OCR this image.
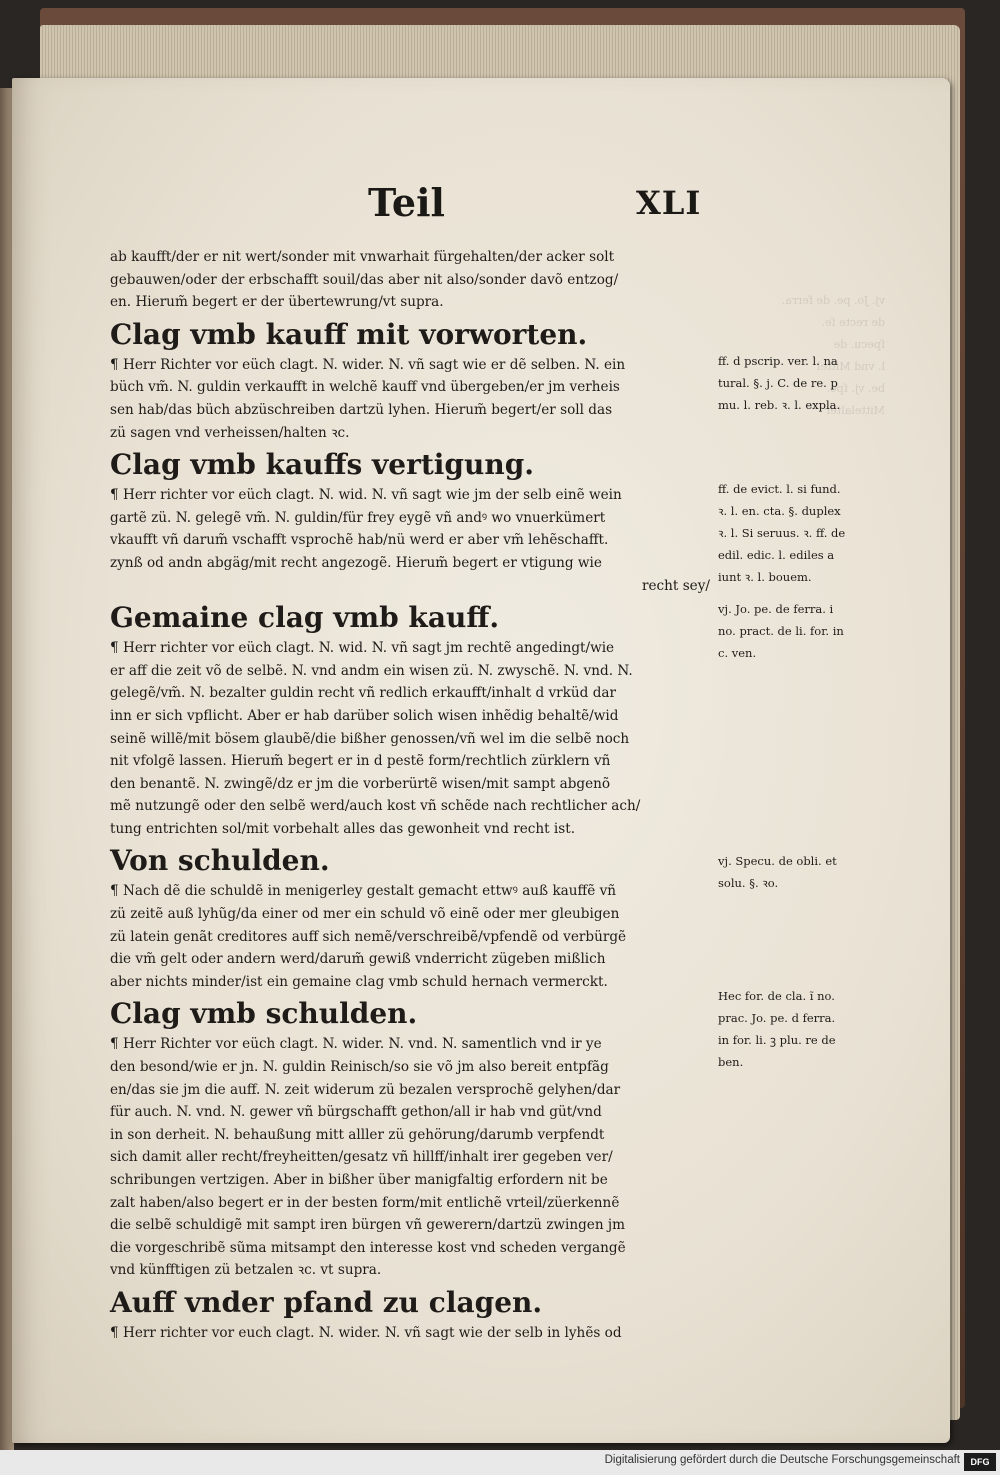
vj. Jo. pe. de ferra.
de recte ſe.
ſpecu. de
l. vnd Mittel
be. vj. ſpe.
Mittelalter
Teil	XLI
ab kaufft/der er nit wert/sonder mit vnwarhait fürgehalten/der acker solt
gebauwen/oder der erbschafft souil/das aber nit also/sonder davõ entzog/
en. Hierum̃ begert er der übertewrung/vt supra.
Clag vmb kauff mit vorworten.
¶ Herr Richter vor eüch clagt. N. wider. N. vñ sagt wie er dẽ selben. N. ein
büch vm̃. N. guldin verkaufft in welchẽ kauff vnd übergeben/er jm verheis
sen hab/das büch abzüschreiben dartzü lyhen. Hierum̃ begert/er soll das
zü sagen vnd verheissen/halten ꝛc.
Clag vmb kauffs vertigung.
¶ Herr richter vor eüch clagt. N. wid. N. vñ sagt wie jm der selb einẽ wein
gartẽ zü. N. gelegẽ vm̃. N. guldin/für frey eygẽ vñ andꝰ wo vnuerkümert
vkaufft vñ darum̃ vschafft vsprochẽ hab/nü werd er aber vm̃ lehẽschafft.
zynß od andn abgäg/mit recht angezogẽ. Hierum̃ begert er vtigung wie
recht sey/
Gemaine clag vmb kauff.
¶ Herr richter vor eüch clagt. N. wid. N. vñ sagt jm rechtẽ angedingt/wie
er aff die zeit võ de selbẽ. N. vnd andm ein wisen zü. N. zwyschẽ. N. vnd. N.
gelegẽ/vm̃. N. bezalter guldin recht vñ redlich erkaufft/inhalt d vrküd dar
inn er sich vpflicht. Aber er hab darüber solich wisen inhẽdig behaltẽ/wid
seinẽ willẽ/mit bösem glaubẽ/die bißher genossen/vñ wel im die selbẽ noch
nit vfolgẽ lassen. Hierum̃ begert er in d pestẽ form/rechtlich zürklern vñ
den benantẽ. N. zwingẽ/dz er jm die vorberürtẽ wisen/mit sampt abgenõ
mẽ nutzungẽ oder den selbẽ werd/auch kost vñ schẽde nach rechtlicher ach/
tung entrichten sol/mit vorbehalt alles das gewonheit vnd recht ist.
Von schulden.
¶ Nach dẽ die schuldẽ in menigerley gestalt gemacht ettwꝰ auß kauffẽ vñ
zü zeitẽ auß lyhũg/da einer od mer ein schuld võ einẽ oder mer gleubigen
zü latein genãt creditores auff sich nemẽ/verschreibẽ/vpfendẽ od verbürgẽ
die vm̃ gelt oder andern werd/darum̃ gewiß vnderricht zügeben mißlich
aber nichts minder/ist ein gemaine clag vmb schuld hernach vermerckt.
Clag vmb schulden.
¶ Herr Richter vor eüch clagt. N. wider. N. vnd. N. samentlich vnd ir ye
den besond/wie er jn. N. guldin Reinisch/so sie võ jm also bereit entpfãg
en/das sie jm die auff. N. zeit widerum zü bezalen versprochẽ gelyhen/dar
für auch. N. vnd. N. gewer vñ bürgschafft gethon/all ir hab vnd güt/vnd
in son derheit. N. behaußung mitt alller zü gehörung/darumb verpfendt
sich damit aller recht/freyheitten/gesatz vñ hillff/inhalt irer gegeben ver/
schribungen vertzigen. Aber in bißher über manigfaltig erfordern nit be
zalt haben/also begert er in der besten form/mit entlichẽ vrteil/züerkennẽ
die selbẽ schuldigẽ mit sampt iren bürgen vñ gewerern/dartzü zwingen jm
die vorgeschribẽ sũma mitsampt den interesse kost vnd scheden vergangẽ
vnd künfftigen zü betzalen ꝛc. vt supra.
Auff vnder pfand zu clagen.
¶ Herr richter vor euch clagt. N. wider. N. vñ sagt wie der selb in lyhẽs od
ff. d pscrip. ver. l. na
tural. §. j. C. de re. p
mu. l. reb. ꝛ. l. expla.
ff. de evict. l. si fund.
ꝛ. l. en. cta. §. duplex
ꝛ. l. Si seruus. ꝛ. ff. de
edil. edic. l. ediles a
iunt ꝛ. l. bouem.
vj. Jo. pe. de ferra. i
no. pract. de li. for. in
c. ven.
vj. Specu. de obli. et
solu. §. ꝛo.
Hec for. de cla. ĩ no.
prac. Jo. pe. d ferra.
in for. li. ꝫ plu. re de
ben.
Digitalisierung gefördert durch die Deutsche Forschungsgemeinschaft	DFG
